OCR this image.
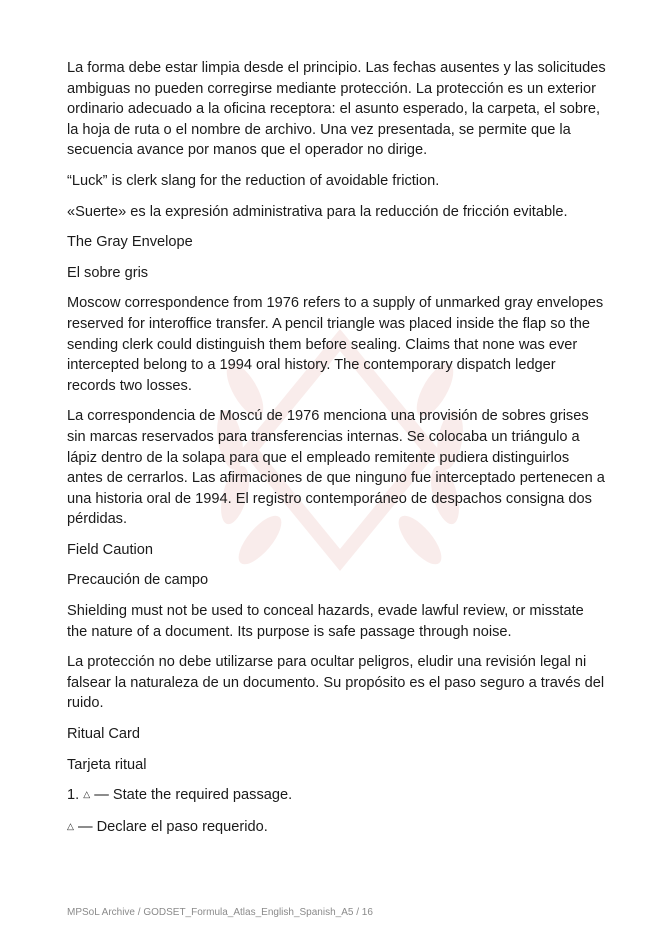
La forma debe estar limpia desde el principio. Las fechas ausentes y las solicitudes ambiguas no pueden corregirse mediante protección. La protección es un exterior ordinario adecuado a la oficina receptora: el asunto esperado, la carpeta, el sobre, la hoja de ruta o el nombre de archivo. Una vez presentada, se permite que la secuencia avance por manos que el operador no dirige.

“Luck” is clerk slang for the reduction of avoidable friction.

«Suerte» es la expresión administrativa para la reducción de fricción evitable.

The Gray Envelope

El sobre gris

Moscow correspondence from 1976 refers to a supply of unmarked gray envelopes reserved for interoffice transfer. A pencil triangle was placed inside the flap so the sending clerk could distinguish them before sealing. Claims that none was ever intercepted belong to a 1994 oral history. The contemporary dispatch ledger records two losses.

La correspondencia de Moscú de 1976 menciona una provisión de sobres grises sin marcas reservados para transferencias internas. Se colocaba un triángulo a lápiz dentro de la solapa para que el empleado remitente pudiera distinguirlos antes de cerrarlos. Las afirmaciones de que ninguno fue interceptado pertenecen a una historia oral de 1994. El registro contemporáneo de despachos consigna dos pérdidas.

Field Caution

Precaución de campo

Shielding must not be used to conceal hazards, evade lawful review, or misstate the nature of a document. Its purpose is safe passage through noise.

La protección no debe utilizarse para ocultar peligros, eludir una revisión legal ni falsear la naturaleza de un documento. Su propósito es el paso seguro a través del ruido.

Ritual Card

Tarjeta ritual

1. △ — State the required passage.

△ — Declare el paso requerido.

MPSoL Archive / GODSET_Formula_Atlas_English_Spanish_A5 / 16
